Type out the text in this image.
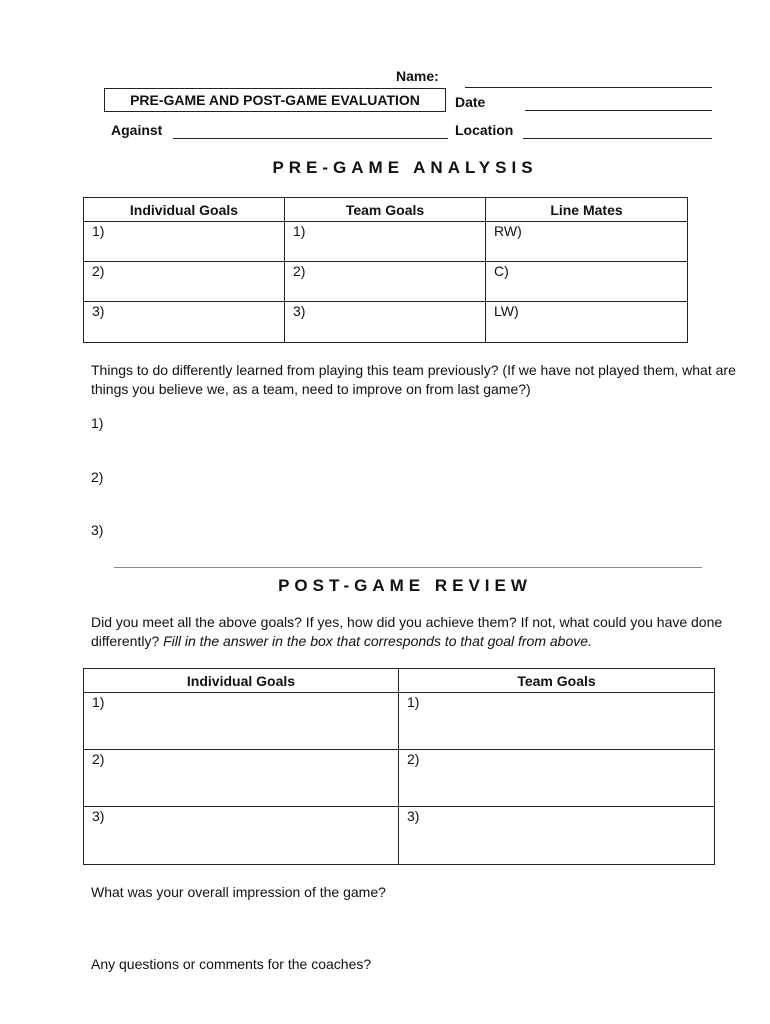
Name:
PRE-GAME AND POST-GAME EVALUATION	Date
Against	Location
PRE-GAME ANALYSIS
Individual Goals	Team Goals	Line Mates

1)	1)	RW)

2)	2)	C)

3)	3)	LW)
Things to do differently learned from playing this team previously? (If we have not played them, what are things you believe we, as a team, need to improve on from last game?)
1)
2)
3)
POST-GAME REVIEW
Did you meet all the above goals? If yes, how did you achieve them? If not, what could you have done differently? Fill in the answer in the box that corresponds to that goal from above.
Individual Goals	Team Goals

1)	1)

2)	2)

3)	3)
What was your overall impression of the game?
Any questions or comments for the coaches?
